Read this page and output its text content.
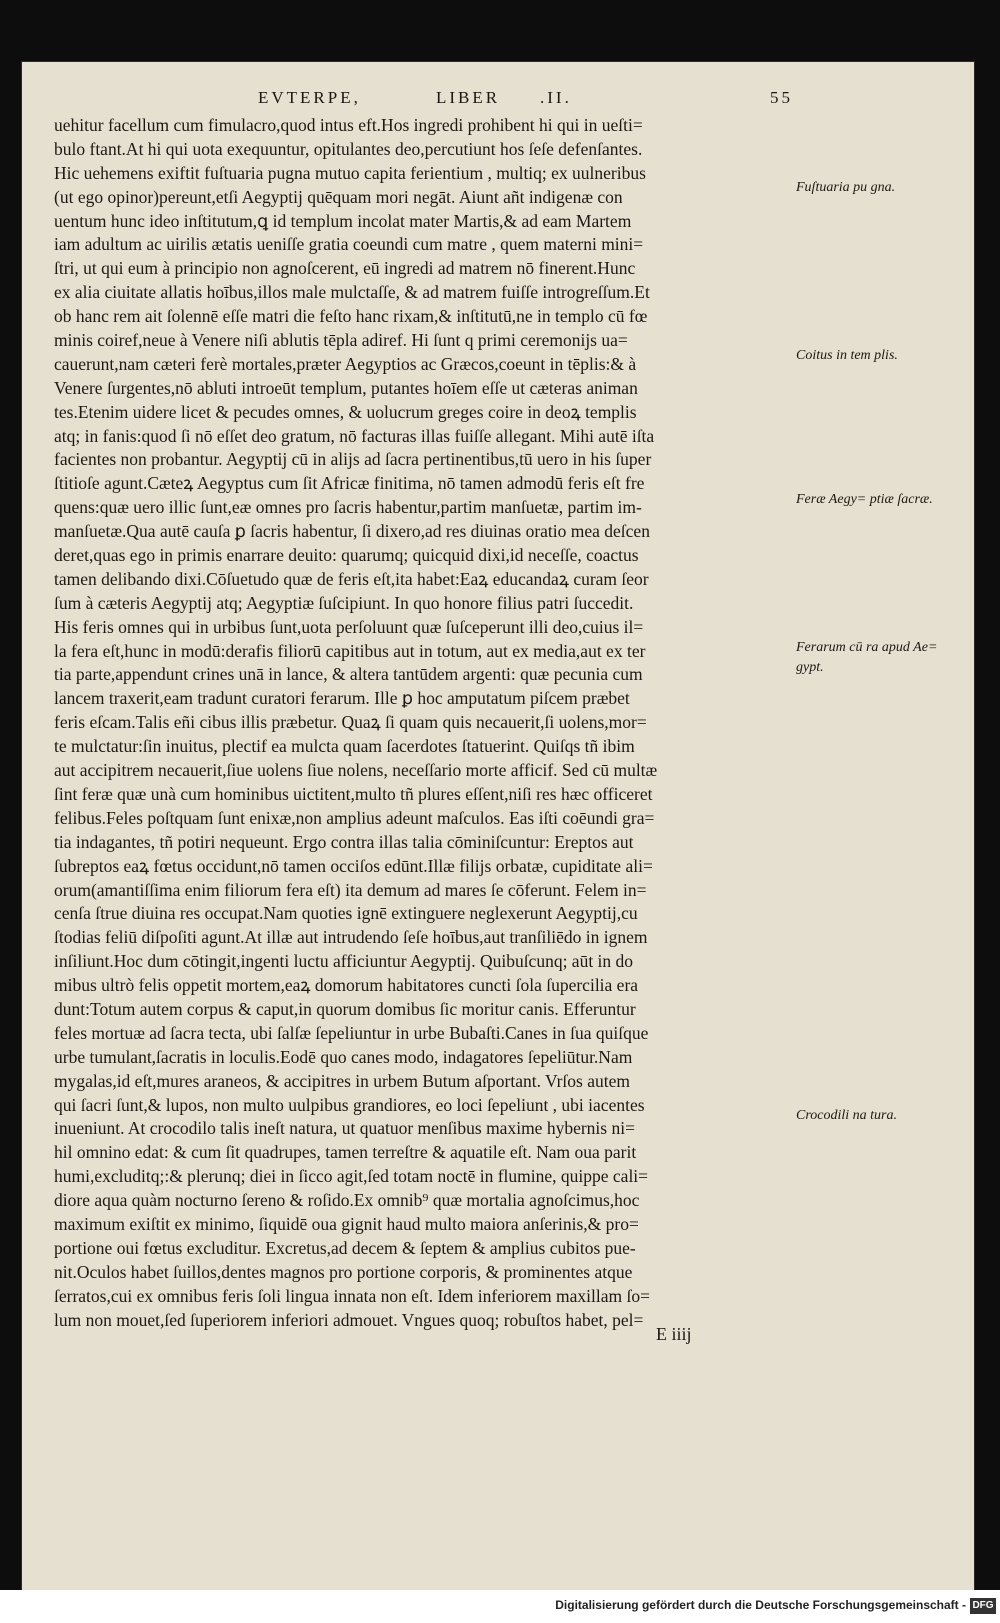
EVTERPE,	LIBER .II.	55
uehitur facellum cum fimulacro,quod intus eft.Hos ingredi prohibent hi qui in ueſti=
bulo ftant.At hi qui uota exequuntur, opitulantes deo,percutiunt hos ſeſe defenſantes.
Hic uehemens exiftit fuſtuaria pugna mutuo capita ferientium , multiq; ex uulneribus
(ut ego opinor)pereunt,etſi Aegyptij quēquam mori negāt. Aiunt añt indigenæ con
uentum hunc ideo inſtitutum,ꝗ id templum incolat mater Martis,& ad eam Martem
iam adultum ac uirilis ætatis ueniſſe gratia coeundi cum matre , quem materni mini=
ſtri, ut qui eum à principio non agnoſcerent, eū ingredi ad matrem nō finerent.Hunc
ex alia ciuitate allatis hoībus,illos male mulctaſſe, & ad matrem fuiſſe introgreſſum.Et
ob hanc rem ait ſolennē eſſe matri die feſto hanc rixam,& inſtitutū,ne in templo cū fœ
minis coiref,neue à Venere niſi ablutis tēpla adiref. Hi ſunt q primi ceremonijs ua=
cauerunt,nam cæteri ferè mortales,præter Aegyptios ac Græcos,coeunt in tēplis:& à
Venere ſurgentes,nō abluti introeūt templum, putantes hoīem eſſe ut cæteras animan
tes.Etenim uidere licet & pecudes omnes, & uolucrum greges coire in deoꝝ templis
atq; in fanis:quod ſi nō eſſet deo gratum, nō facturas illas fuiſſe allegant. Mihi autē iſta
facientes non probantur. Aegyptij cū in alijs ad ſacra pertinentibus,tū uero in his ſuper
ſtitioſe agunt.Cæteꝝ Aegyptus cum ſit Africæ finitima, nō tamen admodū feris eſt fre
quens:quæ uero illic ſunt,eæ omnes pro ſacris habentur,partim manſuetæ, partim im-
manſuetæ.Qua autē cauſa ꝑ ſacris habentur, ſi dixero,ad res diuinas oratio mea deſcen
deret,quas ego in primis enarrare deuito: quarumq; quicquid dixi,id neceſſe, coactus
tamen delibando dixi.Cōſuetudo quæ de feris eſt,ita habet:Eaꝝ educandaꝝ curam ſeor
ſum à cæteris Aegyptij atq; Aegyptiæ ſuſcipiunt. In quo honore filius patri ſuccedit.
His feris omnes qui in urbibus ſunt,uota perſoluunt quæ ſuſceperunt illi deo,cuius il=
la fera eſt,hunc in modū:derafis filiorū capitibus aut in totum, aut ex media,aut ex ter
tia parte,appendunt crines unā in lance, & altera tantūdem argenti: quæ pecunia cum
lancem traxerit,eam tradunt curatori ferarum. Ille ꝑ hoc amputatum piſcem præbet
feris eſcam.Talis eñi cibus illis præbetur. Quaꝝ ſi quam quis necauerit,ſi uolens,mor=
te mulctatur:ſin inuitus, plectif ea mulcta quam ſacerdotes ſtatuerint. Quiſqs tñ ibim
aut accipitrem necauerit,ſiue uolens ſiue nolens, neceſſario morte afficif. Sed cū multæ
ſint feræ quæ unà cum hominibus uictitent,multo tñ plures eſſent,niſi res hæc officeret
felibus.Feles poſtquam ſunt enixæ,non amplius adeunt maſculos. Eas iſti coēundi gra=
tia indagantes, tñ potiri nequeunt. Ergo contra illas talia cōminiſcuntur: Ereptos aut
ſubreptos eaꝝ fœtus occidunt,nō tamen occiſos edūnt.Illæ filijs orbatæ, cupiditate ali=
orum(amantiſſima enim filiorum fera eſt) ita demum ad mares ſe cōferunt. Felem in=
cenſa ſtrue diuina res occupat.Nam quoties ignē extinguere neglexerunt Aegyptij,cu
ſtodias feliū diſpoſiti agunt.At illæ aut intrudendo ſeſe hoībus,aut tranſiliēdo in ignem
inſiliunt.Hoc dum cōtingit,ingenti luctu afficiuntur Aegyptij. Quibuſcunq; aūt in do
mibus ultrò felis oppetit mortem,eaꝝ domorum habitatores cuncti ſola ſupercilia era
dunt:Totum autem corpus & caput,in quorum domibus ſic moritur canis. Efferuntur
feles mortuæ ad ſacra tecta, ubi ſalſæ ſepeliuntur in urbe Bubaſti.Canes in ſua quiſque
urbe tumulant,ſacratis in loculis.Eodē quo canes modo, indagatores ſepeliūtur.Nam
mygalas,id eſt,mures araneos, & accipitres in urbem Butum aſportant. Vrſos autem
qui ſacri ſunt,& lupos, non multo uulpibus grandiores, eo loci ſepeliunt , ubi iacentes
inueniunt. At crocodilo talis ineſt natura, ut quatuor menſibus maxime hybernis ni=
hil omnino edat: & cum ſit quadrupes, tamen terreſtre & aquatile eſt. Nam oua parit
humi,excluditq;:& plerunq; diei in ſicco agit,ſed totam noctē in flumine, quippe cali=
diore aqua quàm nocturno ſereno & roſido.Ex omnib⁹ quæ mortalia agnoſcimus,hoc
maximum exiſtit ex minimo, ſiquidē oua gignit haud multo maiora anſerinis,& pro=
portione oui fœtus excluditur. Excretus,ad decem & ſeptem & amplius cubitos pue-
nit.Oculos habet ſuillos,dentes magnos pro portione corporis, & prominentes atque
ſerratos,cui ex omnibus feris ſoli lingua innata non eſt. Idem inferiorem maxillam ſo=
lum non mouet,ſed ſuperiorem inferiori admouet. Vngues quoq; robuſtos habet, pel=
Fuſtuaria pu gna.
Coitus in tem plis.
Feræ Aegy= ptiæ ſacræ.
Ferarum cū ra apud Ae= gypt.
Crocodili na tura.
E iiij
Digitalisierung gefördert durch die Deutsche Forschungsgemeinschaft - DFG
